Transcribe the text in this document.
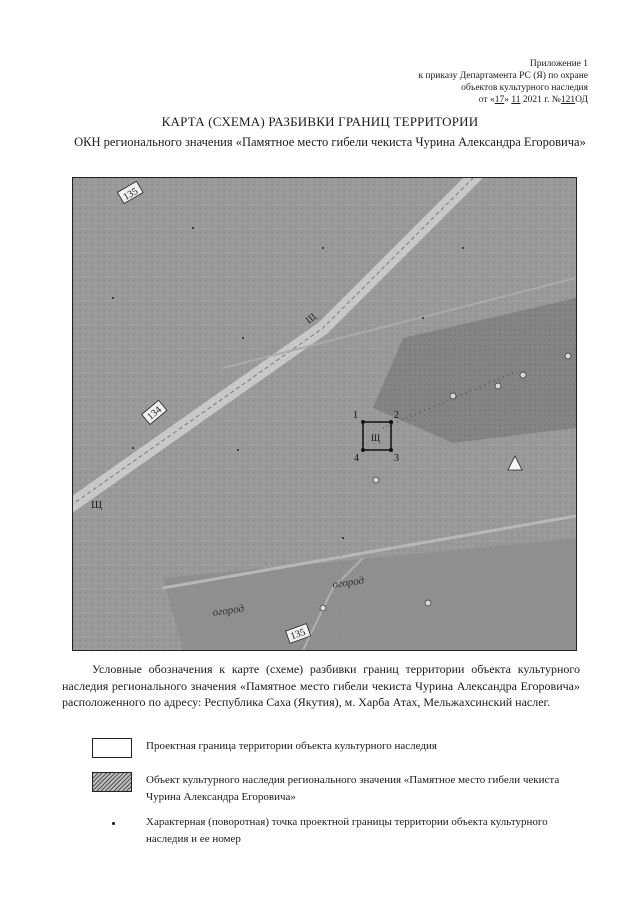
Приложение 1
к приказу Департамента РС (Я) по охране
объектов культурного наследия
от «17» 11 2021 г. №121ОД
КАРТА (СХЕМА) РАЗБИВКИ ГРАНИЦ ТЕРРИТОРИИ
ОКН регионального значения «Памятное место гибели чекиста Чурина Александра Егоровича»
1	2
3
4
Щ
Щ
Щ
135
134
135
огород
огород
Условные обозначения к карте (схеме) разбивки границ территории объекта культурного наследия регионального значения «Памятное место гибели чекиста Чурина Александра Егоровича» расположенного по адресу: Республика Саха (Якутия), м. Харба Атах, Мельжахсинский наслег.
Проектная граница территории объекта культурного наследия
Объект культурного наследия регионального значения «Памятное место гибели чекиста Чурина Александра Егоровича»
Характерная (поворотная) точка проектной границы территории объекта культурного наследия и ее номер
